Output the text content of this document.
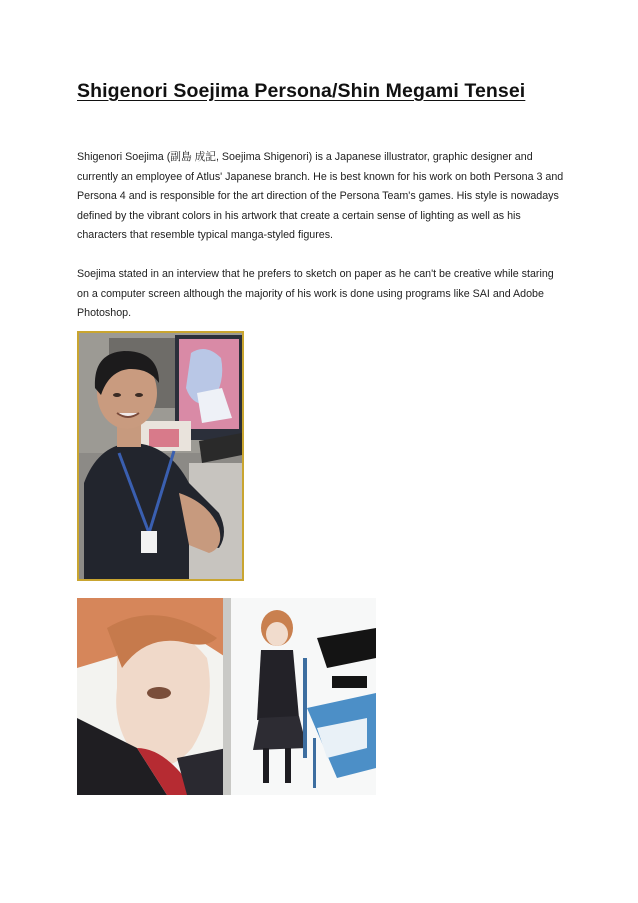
Shigenori Soejima Persona/Shin Megami Tensei

Shigenori Soejima (副島 成記, Soejima Shigenori) is a Japanese illustrator, graphic designer and currently an employee of Atlus' Japanese branch. He is best known for his work on both Persona 3 and Persona 4 and is responsible for the art direction of the Persona Team's games. His style is nowadays defined by the vibrant colors in his artwork that create a certain sense of lighting as well as his characters that resemble typical manga-styled figures.

Soejima stated in an interview that he prefers to sketch on paper as he can't be creative while staring on a computer screen although the majority of his work is done using programs like SAI and Adobe Photoshop.
